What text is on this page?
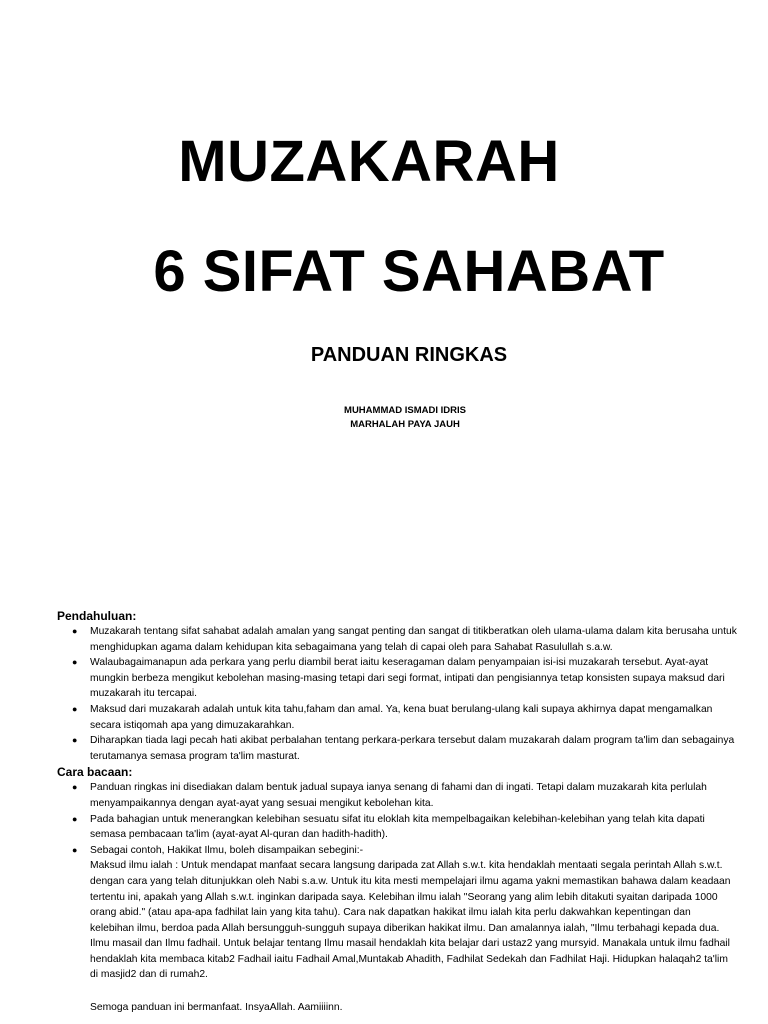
MUZAKARAH
6 SIFAT SAHABAT
PANDUAN RINGKAS
MUHAMMAD ISMADI IDRIS
MARHALAH PAYA JAUH
Pendahuluan:
● Muzakarah tentang sifat sahabat adalah amalan yang sangat penting dan sangat di titikberatkan oleh ulama-ulama dalam kita berusaha untuk menghidupkan agama dalam kehidupan kita sebagaimana yang telah di capai oleh para Sahabat Rasulullah s.a.w.
● Walaubagaimanapun ada perkara yang perlu diambil berat iaitu keseragaman dalam penyampaian isi-isi muzakarah tersebut. Ayat-ayat mungkin berbeza mengikut kebolehan masing-masing tetapi dari segi format, intipati dan pengisiannya tetap konsisten supaya maksud dari muzakarah itu tercapai.
● Maksud dari muzakarah adalah untuk kita tahu,faham dan amal. Ya, kena buat berulang-ulang kali supaya akhirnya dapat mengamalkan secara istiqomah apa yang dimuzakarahkan.
● Diharapkan tiada lagi pecah hati akibat perbalahan tentang perkara-perkara tersebut dalam muzakarah dalam program ta'lim dan sebagainya terutamanya semasa program ta'lim masturat.
Cara bacaan:
● Panduan ringkas ini disediakan dalam bentuk jadual supaya ianya senang di fahami dan di ingati. Tetapi dalam muzakarah kita perlulah menyampaikannya dengan ayat-ayat yang sesuai mengikut kebolehan kita.
● Pada bahagian untuk menerangkan kelebihan sesuatu sifat itu eloklah kita mempelbagaikan kelebihan-kelebihan yang telah kita dapati semasa pembacaan ta'lim (ayat-ayat Al-quran dan hadith-hadith).
● Sebagai contoh, Hakikat Ilmu, boleh disampaikan sebegini:-
Maksud ilmu ialah : Untuk mendapat manfaat secara langsung daripada zat Allah s.w.t. kita hendaklah mentaati segala perintah Allah s.w.t. dengan cara yang telah ditunjukkan oleh Nabi s.a.w. Untuk itu kita mesti mempelajari ilmu agama yakni memastikan bahawa dalam keadaan tertentu ini, apakah yang Allah s.w.t. inginkan daripada saya. Kelebihan ilmu ialah "Seorang yang alim lebih ditakuti syaitan daripada 1000 orang abid." (atau apa-apa fadhilat lain yang kita tahu). Cara nak dapatkan hakikat ilmu ialah kita perlu dakwahkan kepentingan dan kelebihan ilmu, berdoa pada Allah bersungguh-sungguh supaya diberikan hakikat ilmu. Dan amalannya ialah, "Ilmu terbahagi kepada dua. Ilmu masail dan Ilmu fadhail. Untuk belajar tentang Ilmu masail hendaklah kita belajar dari ustaz2 yang mursyid. Manakala untuk ilmu fadhail hendaklah kita membaca kitab2 Fadhail iaitu Fadhail Amal,Muntakab Ahadith, Fadhilat Sedekah dan Fadhilat Haji. Hidupkan halaqah2 ta'lim di masjid2 dan di rumah2.
Semoga panduan ini bermanfaat. InsyaAllah. Aamiiiinn.
